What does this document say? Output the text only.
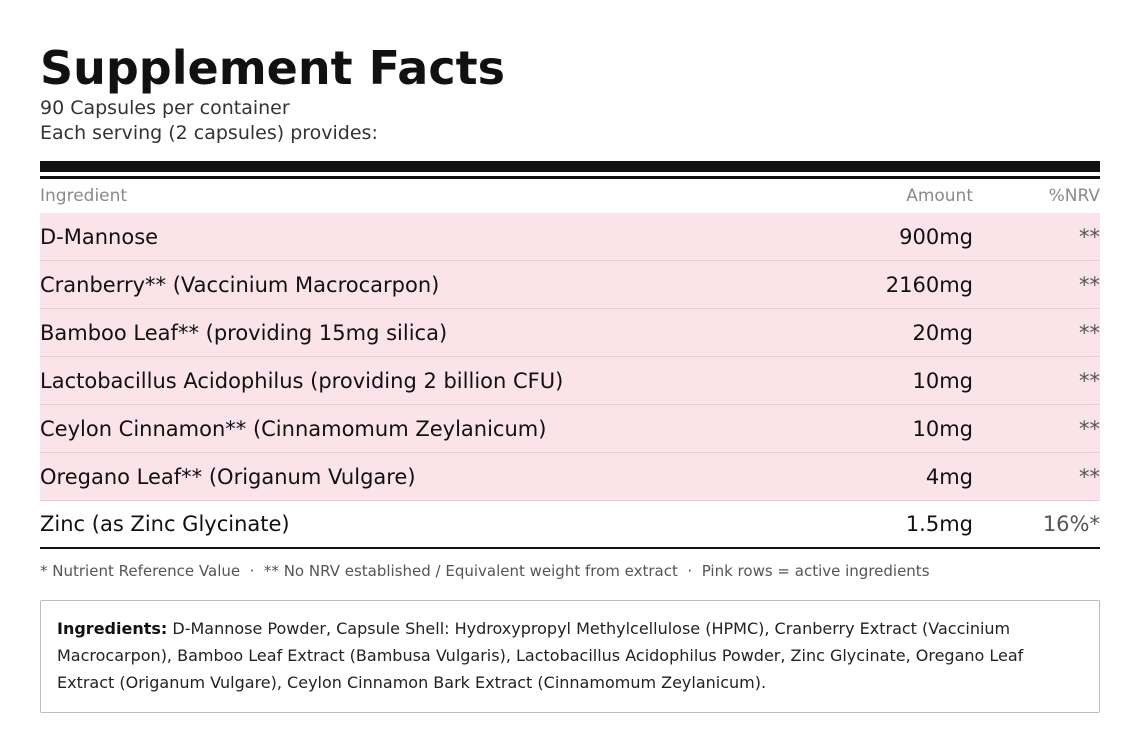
Supplement Facts
90 Capsules per container
Each serving (2 capsules) provides:
Ingredient	Amount	%NRV
D-Mannose	900mg	**
Cranberry** (Vaccinium Macrocarpon)	2160mg	**
Bamboo Leaf** (providing 15mg silica)	20mg	**
Lactobacillus Acidophilus (providing 2 billion CFU)	10mg	**
Ceylon Cinnamon** (Cinnamomum Zeylanicum)	10mg	**
Oregano Leaf** (Origanum Vulgare)	4mg	**
Zinc (as Zinc Glycinate)	1.5mg	16%*
* Nutrient Reference Value  ·  ** No NRV established / Equivalent weight from extract  ·  Pink rows = active ingredients
Ingredients: D-Mannose Powder, Capsule Shell: Hydroxypropyl Methylcellulose (HPMC), Cranberry Extract (Vaccinium Macrocarpon), Bamboo Leaf Extract (Bambusa Vulgaris), Lactobacillus Acidophilus Powder, Zinc Glycinate, Oregano Leaf Extract (Origanum Vulgare), Ceylon Cinnamon Bark Extract (Cinnamomum Zeylanicum).
